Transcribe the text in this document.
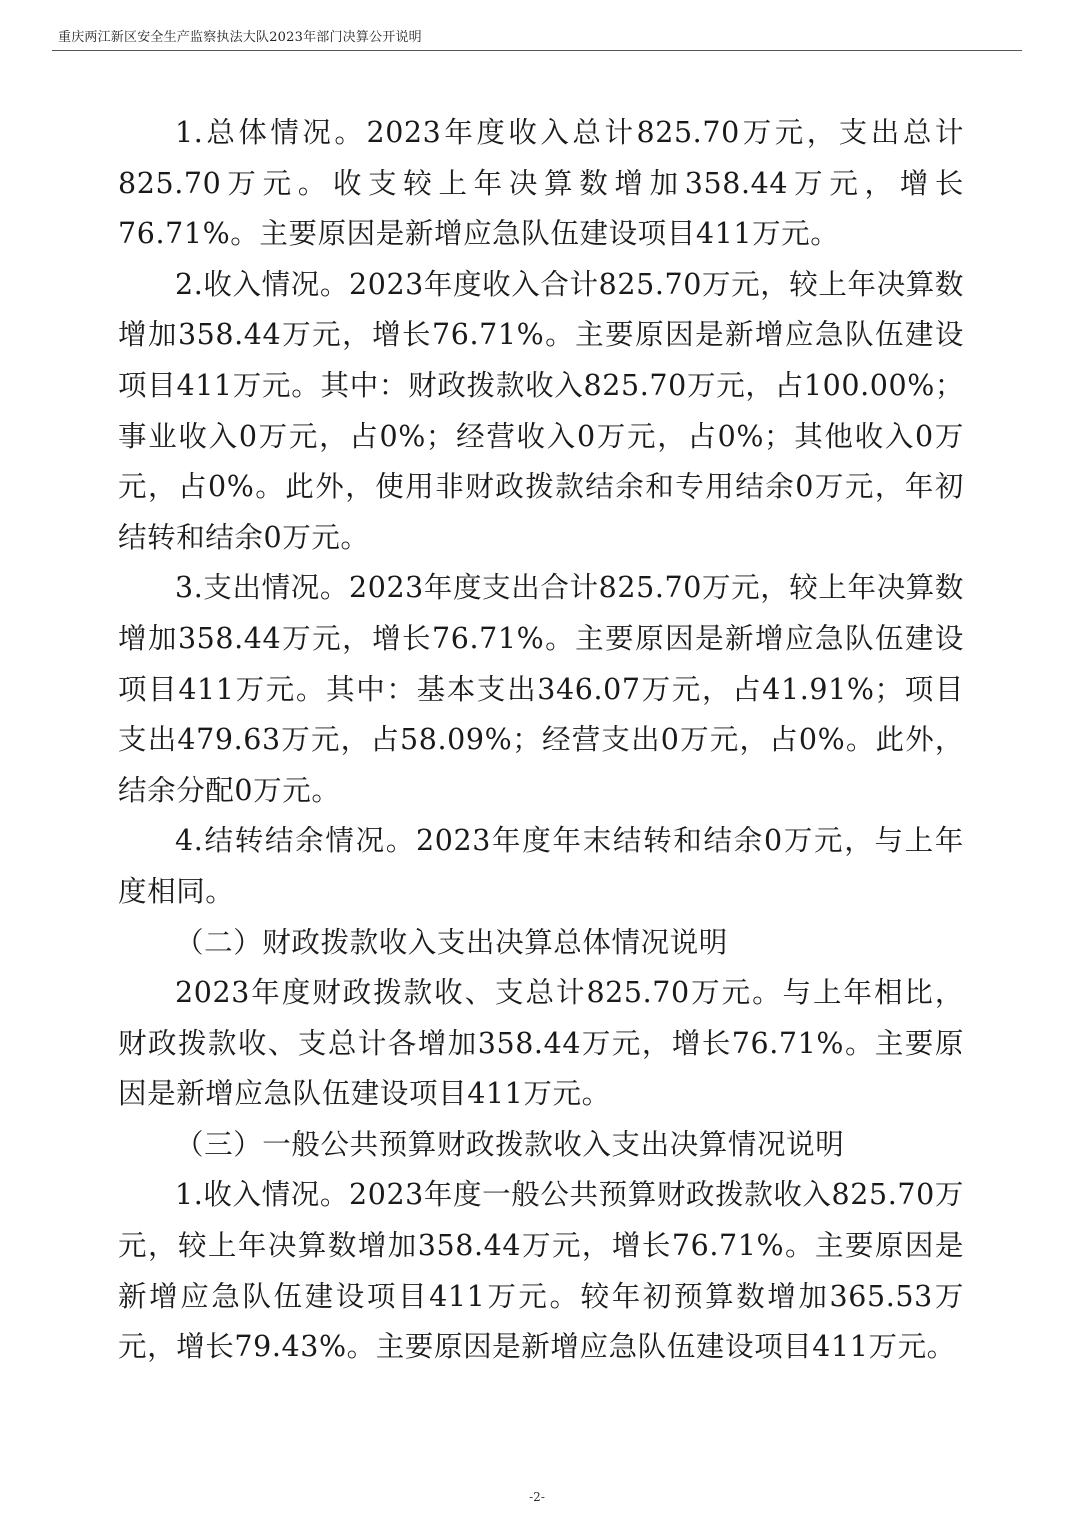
重庆两江新区安全生产监察执法大队2023年部门决算公开说明

1.总体情况。2023年度收入总计825.70万元，支出总计825.70万元。收支较上年决算数增加358.44万元，增长76.71%。主要原因是新增应急队伍建设项目411万元。

2.收入情况。2023年度收入合计825.70万元，较上年决算数增加358.44万元，增长76.71%。主要原因是新增应急队伍建设项目411万元。其中：财政拨款收入825.70万元，占100.00%；事业收入0万元，占0%；经营收入0万元，占0%；其他收入0万元，占0%。此外，使用非财政拨款结余和专用结余0万元，年初结转和结余0万元。

3.支出情况。2023年度支出合计825.70万元，较上年决算数增加358.44万元，增长76.71%。主要原因是新增应急队伍建设项目411万元。其中：基本支出346.07万元，占41.91%；项目支出479.63万元，占58.09%；经营支出0万元，占0%。此外，结余分配0万元。

4.结转结余情况。2023年度年末结转和结余0万元，与上年度相同。

（二）财政拨款收入支出决算总体情况说明

2023年度财政拨款收、支总计825.70万元。与上年相比，财政拨款收、支总计各增加358.44万元，增长76.71%。主要原因是新增应急队伍建设项目411万元。

（三）一般公共预算财政拨款收入支出决算情况说明

1.收入情况。2023年度一般公共预算财政拨款收入825.70万元，较上年决算数增加358.44万元，增长76.71%。主要原因是新增应急队伍建设项目411万元。较年初预算数增加365.53万元，增长79.43%。主要原因是新增应急队伍建设项目411万元。

-2-
